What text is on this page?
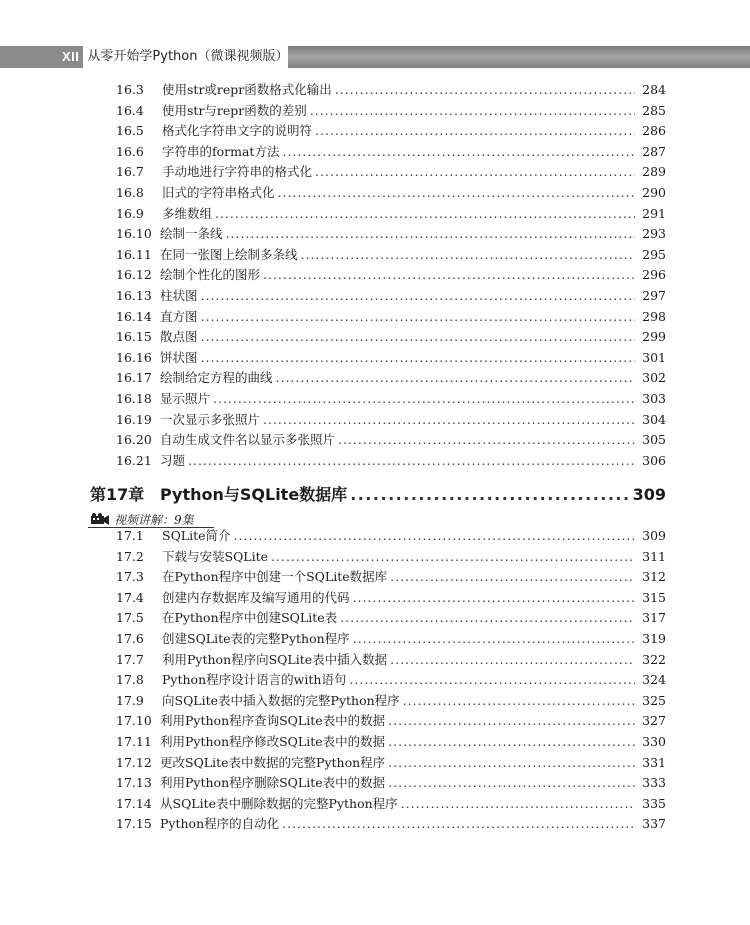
XII 从零开始学Python（微课视频版）
16.3 使用str或repr函数格式化输出 .....	284
16.4 使用str与repr函数的差别 .....	285
16.5 格式化字符串文字的说明符 .....	286
16.6 字符串的format方法 .....	287
16.7 手动地进行字符串的格式化 .....	289
16.8 旧式的字符串格式化 .....	290
16.9 多维数组 .....	291
16.10 绘制一条线 .....	293
16.11 在同一张图上绘制多条线 .....	295
16.12 绘制个性化的图形 .....	296
16.13 柱状图 .....	297
16.14 直方图 .....	298
16.15 散点图 .....	299
16.16 饼状图 .....	301
16.17 绘制给定方程的曲线 .....	302
16.18 显示照片 .....	303
16.19 一次显示多张照片 .....	304
16.20 自动生成文件名以显示多张照片 .....	305
16.21 习题 .....	306
第17章 Python与SQLite数据库 .....	309
视频讲解：9集
17.1 SQLite简介 .....	309
17.2 下载与安装SQLite .....	311
17.3 在Python程序中创建一个SQLite数据库 .....	312
17.4 创建内存数据库及编写通用的代码 .....	315
17.5 在Python程序中创建SQLite表 .....	317
17.6 创建SQLite表的完整Python程序 .....	319
17.7 利用Python程序向SQLite表中插入数据 .....	322
17.8 Python程序设计语言的with语句 .....	324
17.9 向SQLite表中插入数据的完整Python程序 .....	325
17.10 利用Python程序查询SQLite表中的数据 .....	327
17.11 利用Python程序修改SQLite表中的数据 .....	330
17.12 更改SQLite表中数据的完整Python程序 .....	331
17.13 利用Python程序删除SQLite表中的数据 .....	333
17.14 从SQLite表中删除数据的完整Python程序 .....	335
17.15 Python程序的自动化 .....	337
